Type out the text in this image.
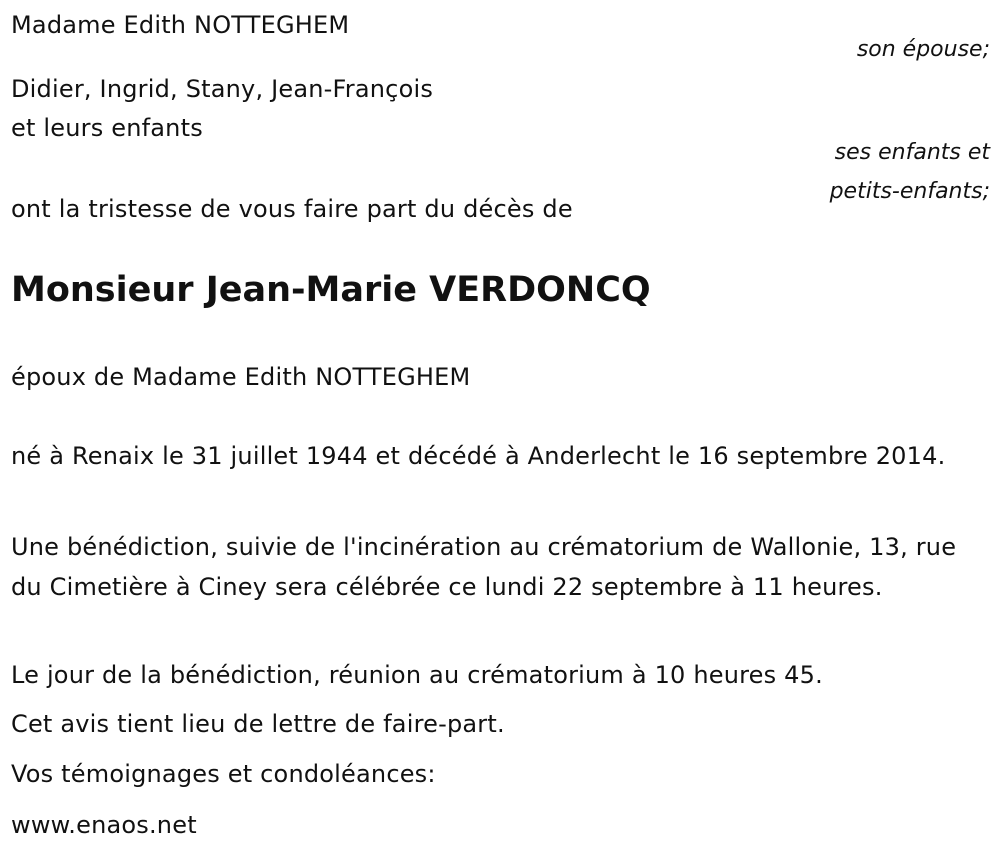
Madame Edith NOTTEGHEM
son épouse;
Didier, Ingrid, Stany, Jean-François
et leurs enfants
ses enfants et
petits-enfants;
ont la tristesse de vous faire part du décès de
Monsieur Jean-Marie VERDONCQ
époux de Madame Edith NOTTEGHEM
né à Renaix le 31 juillet 1944 et décédé à Anderlecht le 16 septembre 2014.
Une bénédiction, suivie de l'incinération au crématorium de Wallonie, 13, rue du Cimetière à Ciney sera célébrée ce lundi 22 septembre à 11 heures.
Le jour de la bénédiction, réunion au crématorium à 10 heures 45.
Cet avis tient lieu de lettre de faire-part.
Vos témoignages et condoléances:
www.enaos.net
